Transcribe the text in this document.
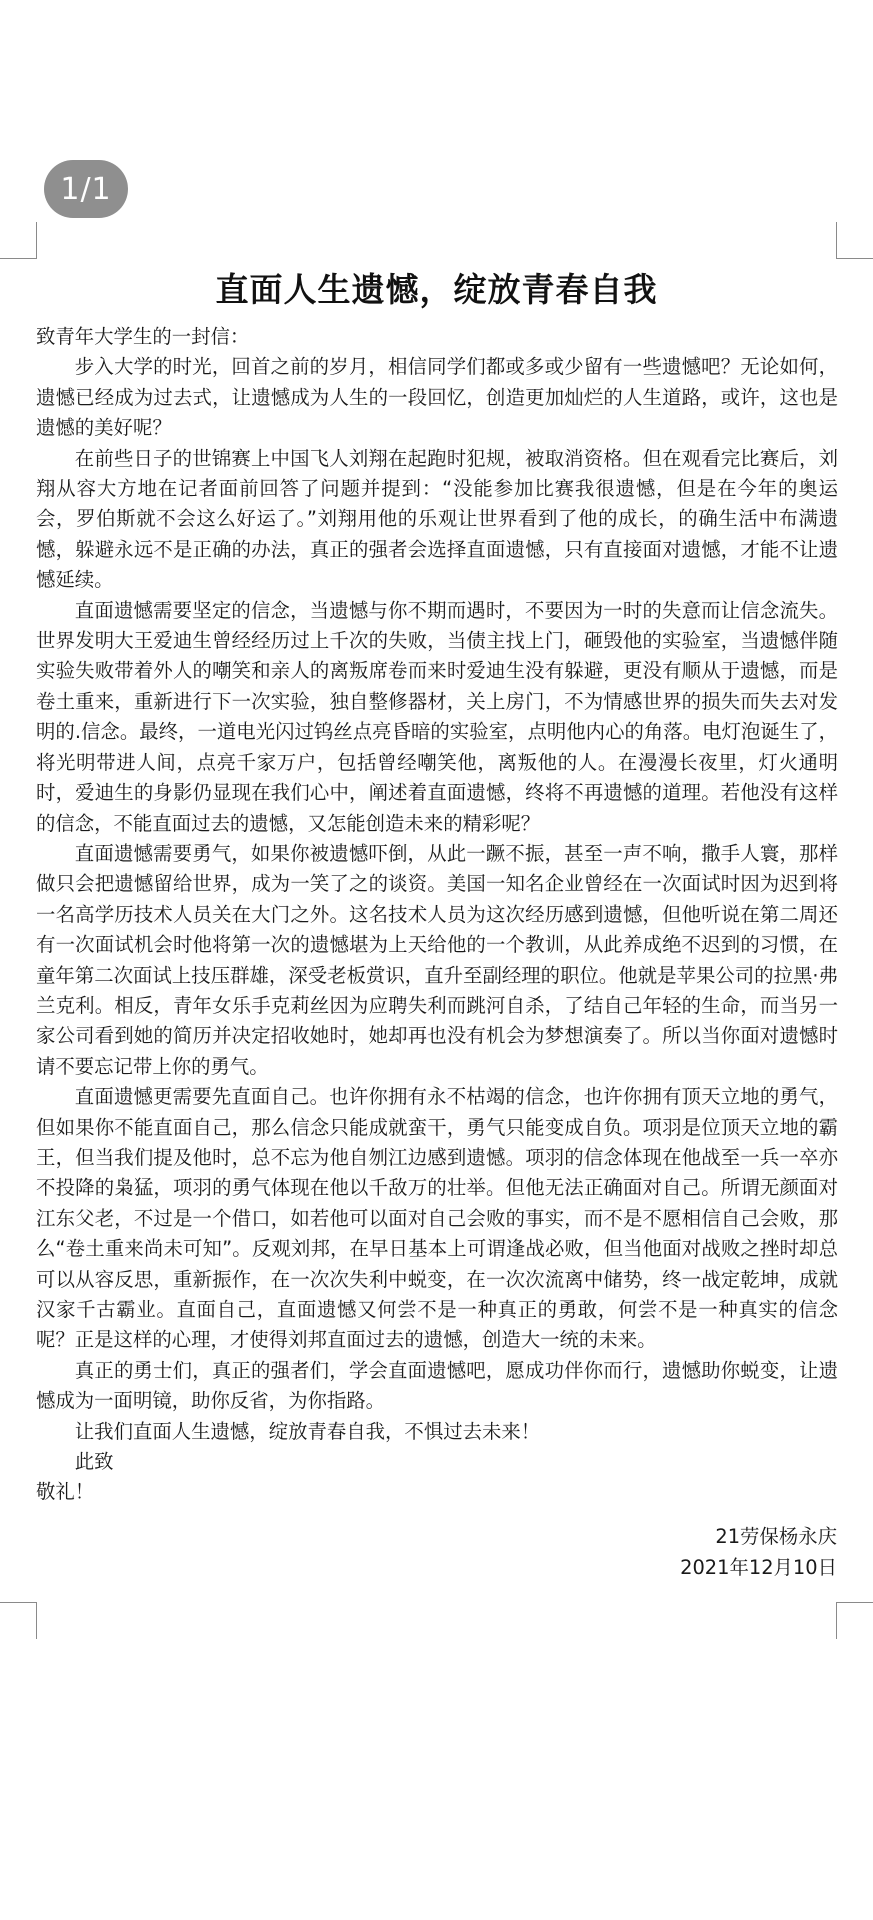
1/1
直面人生遗憾，绽放青春自我

致青年大学生的一封信：

步入大学的时光，回首之前的岁月，相信同学们都或多或少留有一些遗憾吧？无论如何，遗憾已经成为过去式，让遗憾成为人生的一段回忆，创造更加灿烂的人生道路，或许，这也是遗憾的美好呢？

在前些日子的世锦赛上中国飞人刘翔在起跑时犯规，被取消资格。但在观看完比赛后，刘翔从容大方地在记者面前回答了问题并提到：“没能参加比赛我很遗憾，但是在今年的奥运会，罗伯斯就不会这么好运了。”刘翔用他的乐观让世界看到了他的成长，的确生活中布满遗憾，躲避永远不是正确的办法，真正的强者会选择直面遗憾，只有直接面对遗憾，才能不让遗憾延续。

直面遗憾需要坚定的信念，当遗憾与你不期而遇时，不要因为一时的失意而让信念流失。世界发明大王爱迪生曾经经历过上千次的失败，当债主找上门，砸毁他的实验室，当遗憾伴随实验失败带着外人的嘲笑和亲人的离叛席卷而来时爱迪生没有躲避，更没有顺从于遗憾，而是卷土重来，重新进行下一次实验，独自整修器材，关上房门，不为情感世界的损失而失去对发明的.信念。最终，一道电光闪过钨丝点亮昏暗的实验室，点明他内心的角落。电灯泡诞生了，将光明带进人间，点亮千家万户，包括曾经嘲笑他，离叛他的人。在漫漫长夜里，灯火通明时，爱迪生的身影仍显现在我们心中，阐述着直面遗憾，终将不再遗憾的道理。若他没有这样的信念，不能直面过去的遗憾，又怎能创造未来的精彩呢？

直面遗憾需要勇气，如果你被遗憾吓倒，从此一蹶不振，甚至一声不响，撒手人寰，那样做只会把遗憾留给世界，成为一笑了之的谈资。美国一知名企业曾经在一次面试时因为迟到将一名高学历技术人员关在大门之外。这名技术人员为这次经历感到遗憾，但他听说在第二周还有一次面试机会时他将第一次的遗憾堪为上天给他的一个教训，从此养成绝不迟到的习惯，在童年第二次面试上技压群雄，深受老板赏识，直升至副经理的职位。他就是苹果公司的拉黑·弗兰克利。相反，青年女乐手克莉丝因为应聘失利而跳河自杀，了结自己年轻的生命，而当另一家公司看到她的简历并决定招收她时，她却再也没有机会为梦想演奏了。所以当你面对遗憾时请不要忘记带上你的勇气。

直面遗憾更需要先直面自己。也许你拥有永不枯竭的信念，也许你拥有顶天立地的勇气，但如果你不能直面自己，那么信念只能成就蛮干，勇气只能变成自负。项羽是位顶天立地的霸王，但当我们提及他时，总不忘为他自刎江边感到遗憾。项羽的信念体现在他战至一兵一卒亦不投降的枭猛，项羽的勇气体现在他以千敌万的壮举。但他无法正确面对自己。所谓无颜面对江东父老，不过是一个借口，如若他可以面对自己会败的事实，而不是不愿相信自己会败，那么“卷土重来尚未可知”。反观刘邦，在早日基本上可谓逢战必败，但当他面对战败之挫时却总可以从容反思，重新振作，在一次次失利中蜕变，在一次次流离中储势，终一战定乾坤，成就汉家千古霸业。直面自己，直面遗憾又何尝不是一种真正的勇敢，何尝不是一种真实的信念呢？正是这样的心理，才使得刘邦直面过去的遗憾，创造大一统的未来。

真正的勇士们，真正的强者们，学会直面遗憾吧，愿成功伴你而行，遗憾助你蜕变，让遗憾成为一面明镜，助你反省，为你指路。

让我们直面人生遗憾，绽放青春自我，不惧过去未来！

此致

敬礼！

21劳保杨永庆
2021年12月10日
